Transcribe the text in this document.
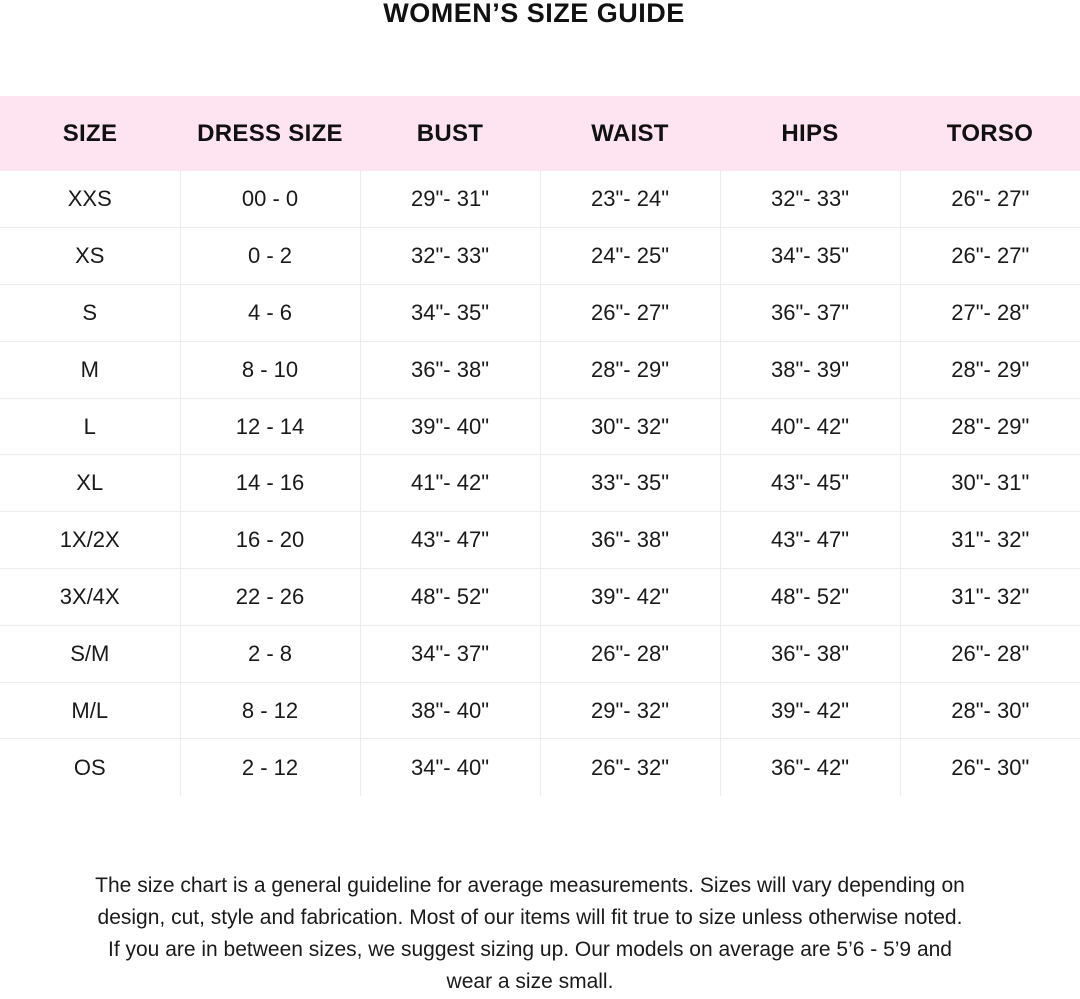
WOMEN’S SIZE GUIDE
SIZE	DRESS SIZE	BUST	WAIST	HIPS	TORSO
XXS	00 - 0	29"- 31"	23"- 24"	32"- 33"	26"- 27"
XS	0 - 2	32"- 33"	24"- 25"	34"- 35"	26"- 27"
S	4 - 6	34"- 35"	26"- 27"	36"- 37"	27"- 28"
M	8 - 10	36"- 38"	28"- 29"	38"- 39"	28"- 29"
L	12 - 14	39"- 40"	30"- 32"	40"- 42"	28"- 29"
XL	14 - 16	41"- 42"	33"- 35"	43"- 45"	30"- 31"
1X/2X	16 - 20	43"- 47"	36"- 38"	43"- 47"	31"- 32"
3X/4X	22 - 26	48"- 52"	39"- 42"	48"- 52"	31"- 32"
S/M	2 - 8	34"- 37"	26"- 28"	36"- 38"	26"- 28"
M/L	8 - 12	38"- 40"	29"- 32"	39"- 42"	28"- 30"
OS	2 - 12	34"- 40"	26"- 32"	36"- 42"	26"- 30"

The size chart is a general guideline for average measurements. Sizes will vary depending on design, cut, style and fabrication. Most of our items will fit true to size unless otherwise noted. If you are in between sizes, we suggest sizing up. Our models on average are 5’6 - 5’9 and wear a size small.
